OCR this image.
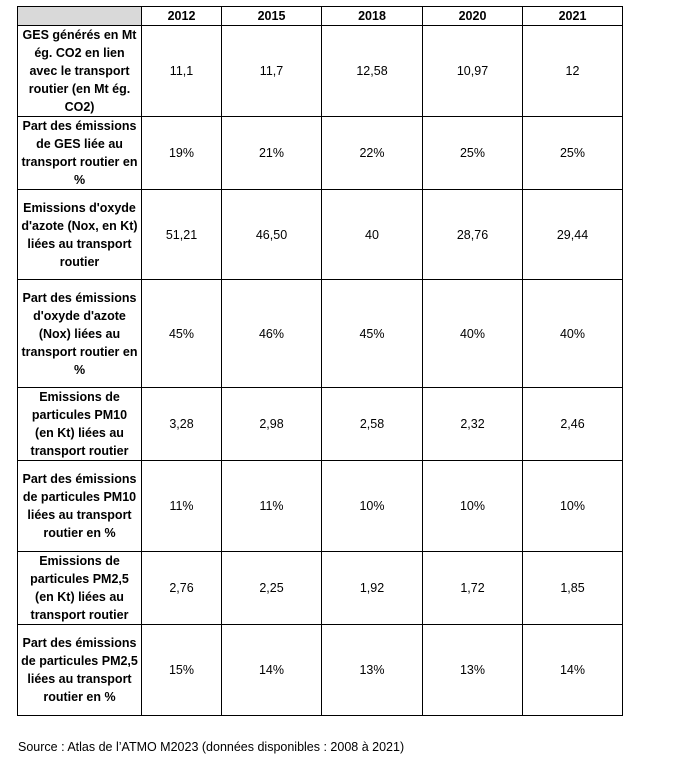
	2012	2015	2018	2020	2021
GES générés en Mt ég. CO2 en lien avec le transport routier (en Mt ég. CO2)	11,1	11,7	12,58	10,97	12
Part des émissions de GES liée au transport routier en %	19%	21%	22%	25%	25%
Emissions d'oxyde d'azote (Nox, en Kt) liées au transport routier	51,21	46,50	40	28,76	29,44
Part des émissions d'oxyde d'azote (Nox) liées au transport routier en %	45%	46%	45%	40%	40%
Emissions de particules PM10 (en Kt) liées au transport routier	3,28	2,98	2,58	2,32	2,46
Part des émissions de particules PM10 liées au transport routier en %	11%	11%	10%	10%	10%
Emissions de particules PM2,5 (en Kt) liées au transport routier	2,76	2,25	1,92	1,72	1,85
Part des émissions de particules PM2,5 liées au transport routier en %	15%	14%	13%	13%	14%
Source : Atlas de l’ATMO M2023 (données disponibles : 2008 à 2021)
